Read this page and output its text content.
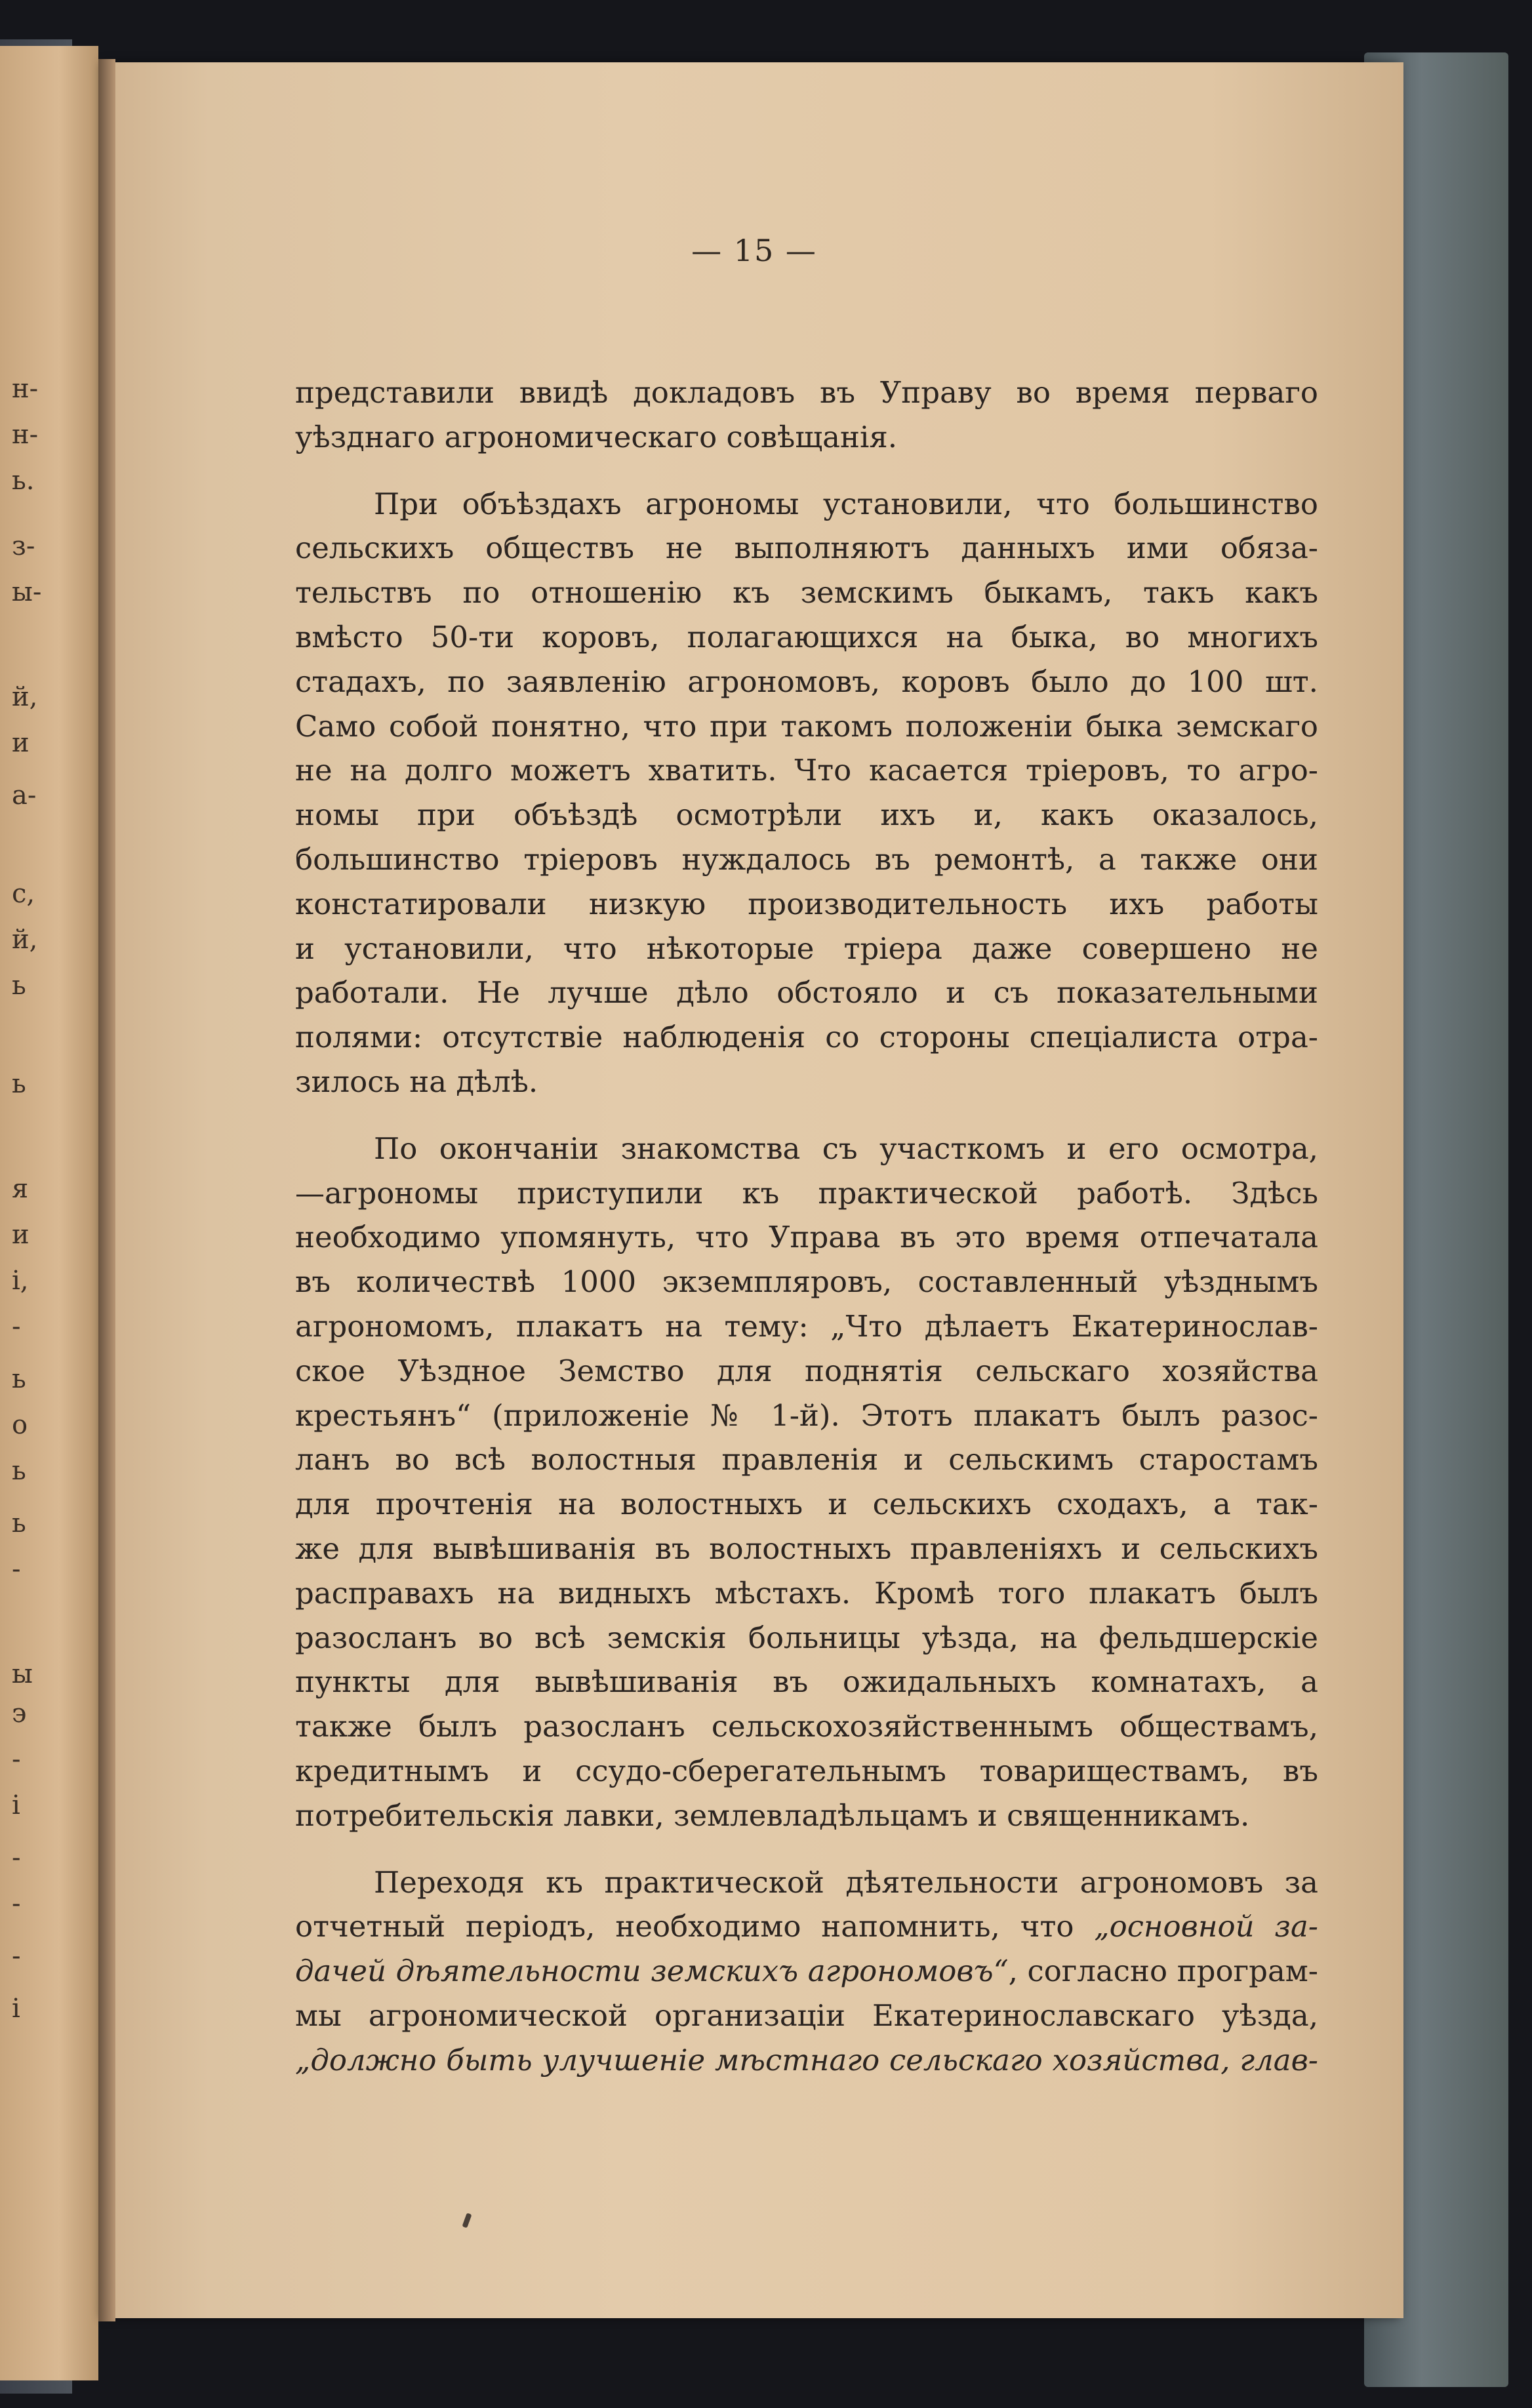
н-
н-
ь.
з-
ы-
й,
и
а-
с,
й,
ь
ь
я
и
і,
-
ь
о
ь
ь
-
ы
э
-
і
-
-
-
і
— 15 —

представили ввидѣ докладовъ въ Управу во время перваго
уѣзднаго агрономическаго совѣщанія.

При объѣздахъ агрономы установили, что большинство
сельскихъ обществъ не выполняютъ данныхъ ими обяза-
тельствъ по отношенію къ земскимъ быкамъ, такъ какъ
вмѣсто 50-ти коровъ, полагающихся на быка, во многихъ
стадахъ, по заявленію агрономовъ, коровъ было до 100 шт.
Само собой понятно, что при такомъ положеніи быка земскаго
не на долго можетъ хватить. Что касается тріеровъ, то агро-
номы при объѣздѣ осмотрѣли ихъ и, какъ оказалось,
большинство тріеровъ нуждалось въ ремонтѣ, а также они
констатировали низкую производительность ихъ работы
и установили, что нѣкоторые тріера даже совершено не
работали. Не лучше дѣло обстояло и съ показательными
полями: отсутствіе наблюденія со стороны спеціалиста отра-
зилось на дѣлѣ.

По окончаніи знакомства съ участкомъ и его осмотра,
—агрономы приступили къ практической работѣ. Здѣсь
необходимо упомянуть, что Управа въ это время отпечатала
въ количествѣ 1000 экземпляровъ, составленный уѣзднымъ
агрономомъ, плакатъ на тему: „Что дѣлаетъ Екатеринослав-
ское Уѣздное Земство для поднятія сельскаго хозяйства
крестьянъ“ (приложеніе № 1-й). Этотъ плакатъ былъ разос-
ланъ во всѣ волостныя правленія и сельскимъ старостамъ
для прочтенія на волостныхъ и сельскихъ сходахъ, а так-
же для вывѣшиванія въ волостныхъ правленіяхъ и сельскихъ
расправахъ на видныхъ мѣстахъ. Кромѣ того плакатъ былъ
разосланъ во всѣ земскія больницы уѣзда, на фельдшерскіе
пункты для вывѣшиванія въ ожидальныхъ комнатахъ, а
также былъ разосланъ сельскохозяйственнымъ обществамъ,
кредитнымъ и ссудо-сберегательнымъ товариществамъ, въ
потребительскія лавки, землевладѣльцамъ и священникамъ.

Переходя къ практической дѣятельности агрономовъ за
отчетный періодъ, необходимо напомнить, что „основной за-
дачей дѣятельности земскихъ агрономовъ“, согласно програм-
мы агрономической организаціи Екатеринославскаго уѣзда,
„должно быть улучшеніе мѣстнаго сельскаго хозяйства, глав-
